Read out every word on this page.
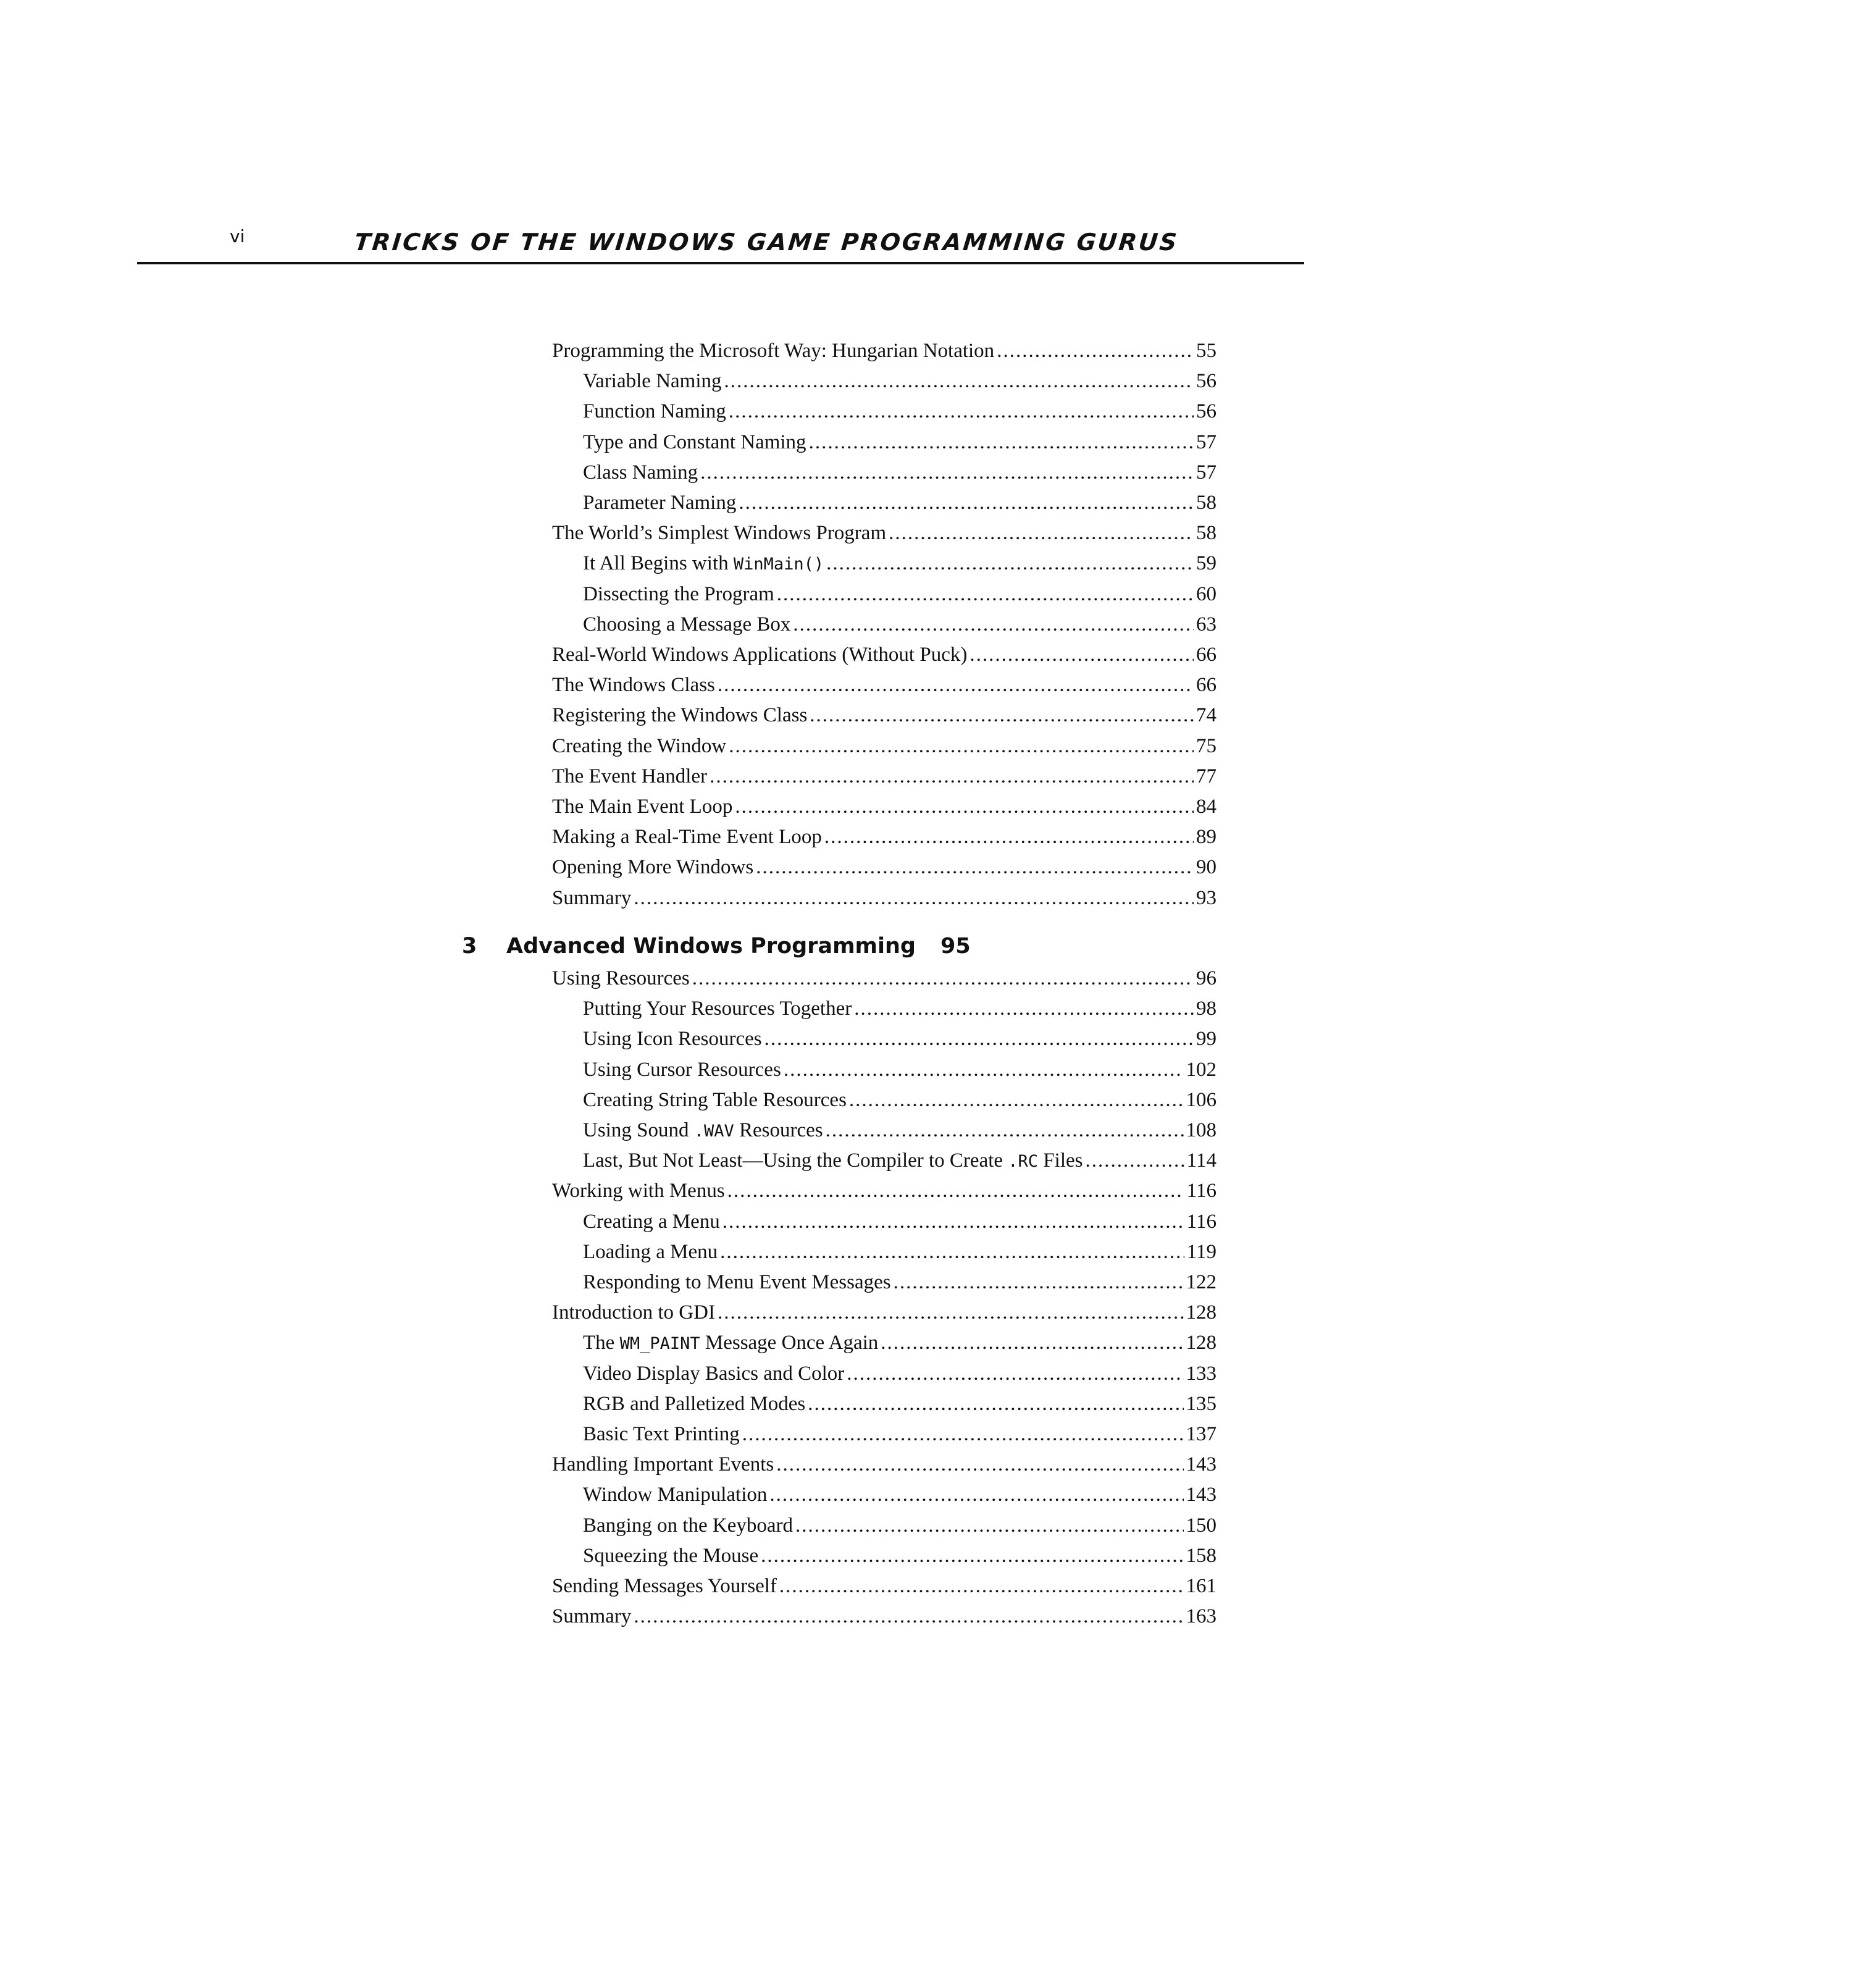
vi	TRICKS OF THE WINDOWS GAME PROGRAMMING GURUS
Programming the Microsoft Way: Hungarian Notation .....	55
Variable Naming .....	56
Function Naming .....	56
Type and Constant Naming .....	57
Class Naming .....	57
Parameter Naming .....	58
The World’s Simplest Windows Program .....	58
It All Begins with WinMain() .....	59
Dissecting the Program .....	60
Choosing a Message Box .....	63
Real-World Windows Applications (Without Puck) .....	66
The Windows Class .....	66
Registering the Windows Class .....	74
Creating the Window .....	75
The Event Handler .....	77
The Main Event Loop .....	84
Making a Real-Time Event Loop .....	89
Opening More Windows .....	90
Summary .....	93
3	Advanced Windows Programming 95
Using Resources .....	96
Putting Your Resources Together .....	98
Using Icon Resources .....	99
Using Cursor Resources .....	102
Creating String Table Resources .....	106
Using Sound .WAV Resources .....	108
Last, But Not Least—Using the Compiler to Create .RC Files .....	114
Working with Menus .....	116
Creating a Menu .....	116
Loading a Menu .....	119
Responding to Menu Event Messages .....	122
Introduction to GDI .....	128
The WM_PAINT Message Once Again .....	128
Video Display Basics and Color .....	133
RGB and Palletized Modes .....	135
Basic Text Printing .....	137
Handling Important Events .....	143
Window Manipulation .....	143
Banging on the Keyboard .....	150
Squeezing the Mouse .....	158
Sending Messages Yourself .....	161
Summary .....	163
